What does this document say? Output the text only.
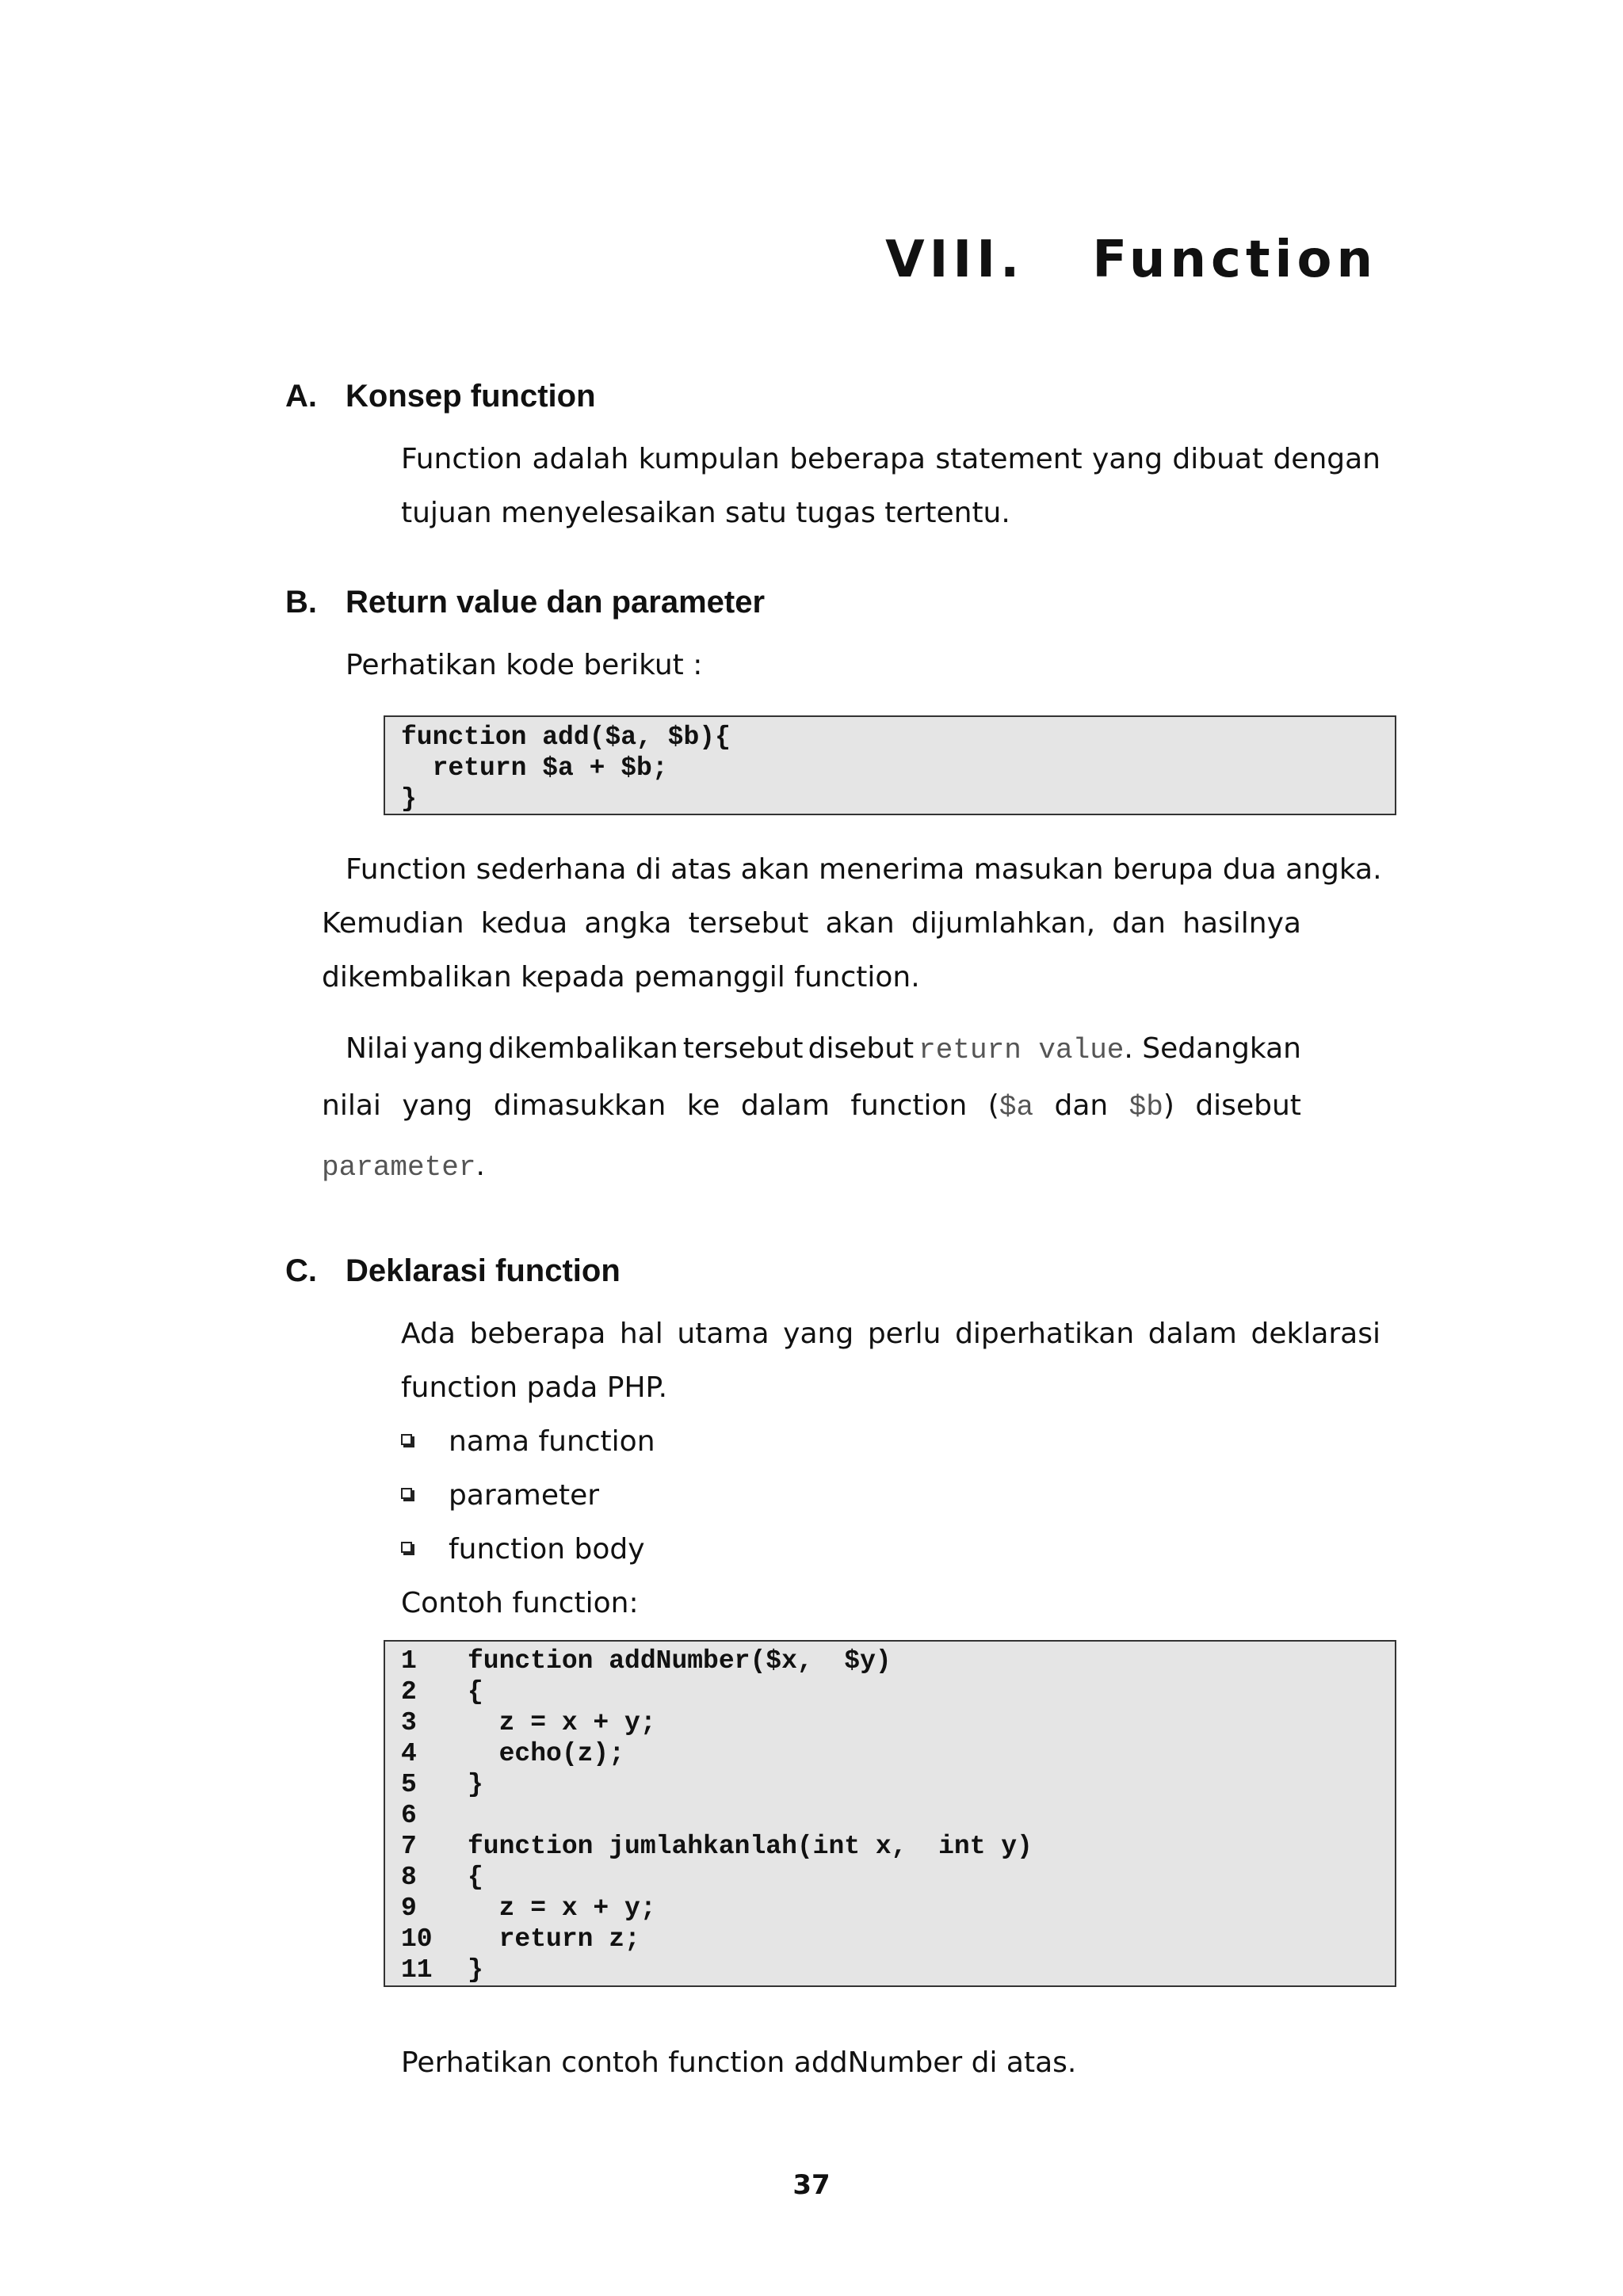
VIII. Function
A. Konsep function
Function adalah kumpulan beberapa statement yang dibuat dengan tujuan menyelesaikan satu tugas tertentu.
B. Return value dan parameter
Perhatikan kode berikut :
function add($a, $b){
return $a + $b;
}
Function sederhana di atas akan menerima masukan berupa dua angka.
Kemudian kedua angka tersebut akan dijumlahkan, dan hasilnya
dikembalikan kepada pemanggil function.
Nilai yang dikembalikan tersebut disebut return value. Sedangkan
nilai yang dimasukkan ke dalam function ($a dan $b) disebut
parameter.
C. Deklarasi function
Ada beberapa hal utama yang perlu diperhatikan dalam deklarasi function pada PHP.
nama function
parameter
function body
Contoh function:
1 function addNumber($x,  $y)
2 {
3  z = x + y;
4  echo(z);
5 }
6
7 function jumlahkanlah(int x,  int y)
8 {
9  z = x + y;
10  return z;
11 }
Perhatikan contoh function addNumber di atas.
37
